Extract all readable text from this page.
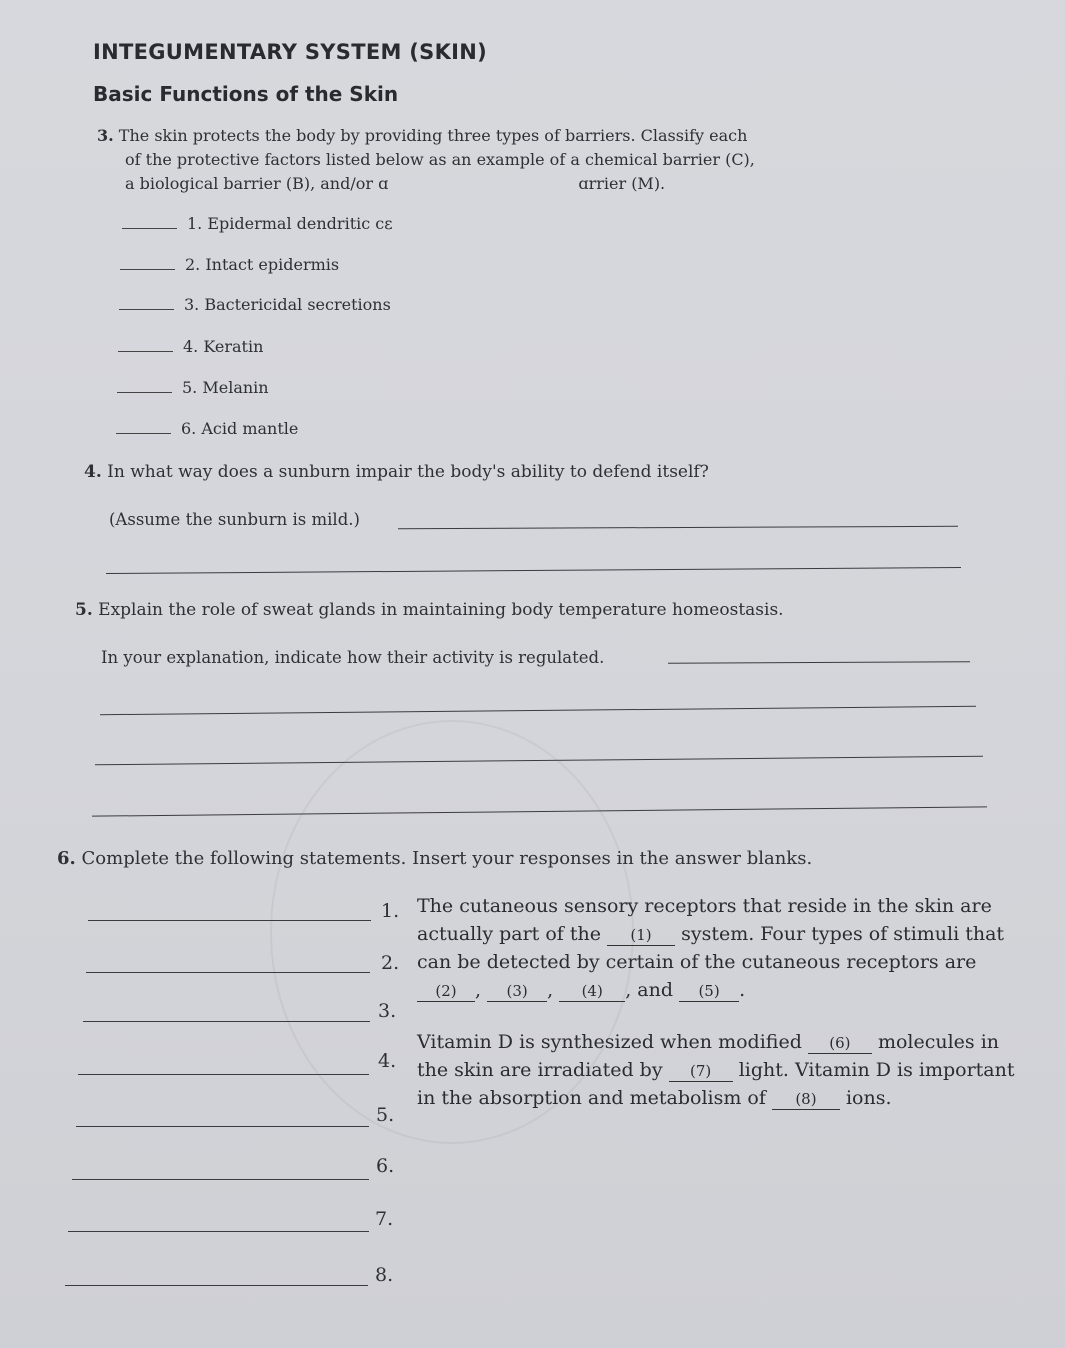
INTEGUMENTARY SYSTEM (SKIN)
Basic Functions of the Skin
3. The skin protects the body by providing three types of barriers. Classify each
of the protective factors listed below as an example of a chemical barrier (C),
a biological barrier (B), and/or ɑ	ɑrrier (M).
1. Epidermal dendritic cε
2. Intact epidermis
3. Bactericidal secretions
4. Keratin
5. Melanin
6. Acid mantle
4. In what way does a sunburn impair the body's ability to defend itself?
(Assume the sunburn is mild.)
5. Explain the role of sweat glands in maintaining body temperature homeostasis.
In your explanation, indicate how their activity is regulated.
6. Complete the following statements. Insert your responses in the answer blanks.
1.
2.
3.
4.
5.
6.
7.
8.

The cutaneous sensory receptors that reside in the skin are

actually part of the (1) system. Four types of stimuli that

can be detected by certain of the cutaneous receptors are

(2) , (3) , (4) , and (5) .

Vitamin D is synthesized when modified (6) molecules in

the skin are irradiated by (7) light. Vitamin D is important

in the absorption and metabolism of (8) ions.
